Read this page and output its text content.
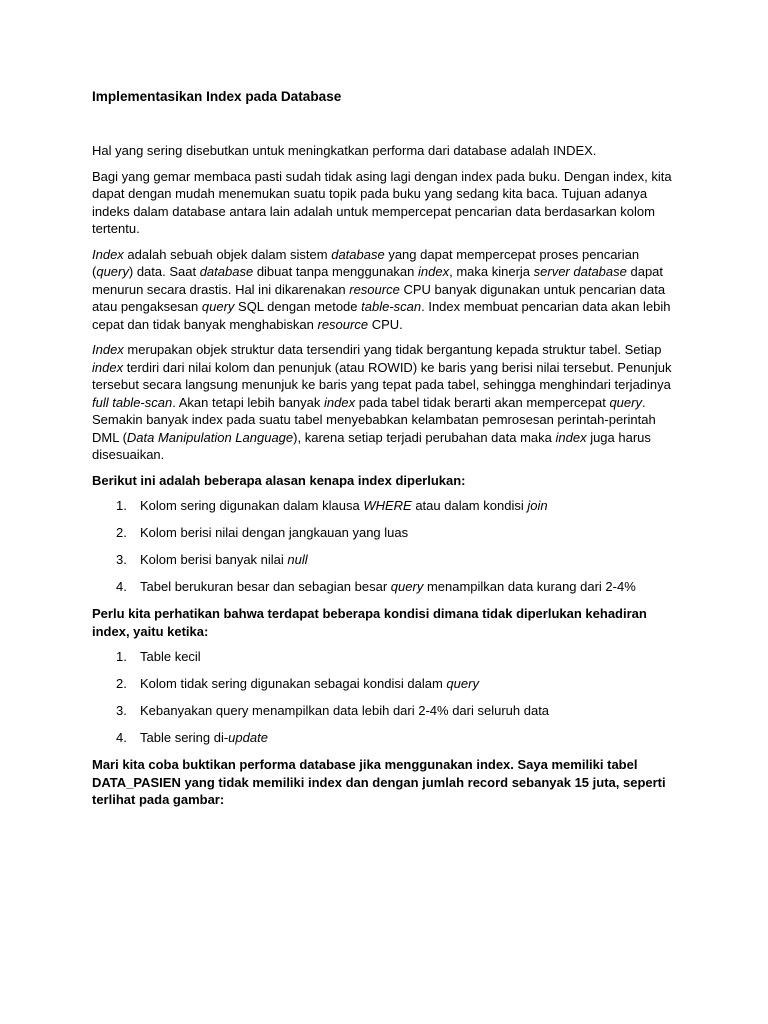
Implementasikan Index pada Database

Hal yang sering disebutkan untuk meningkatkan performa dari database adalah INDEX.

Bagi yang gemar membaca pasti sudah tidak asing lagi dengan index pada buku. Dengan index, kita dapat dengan mudah menemukan suatu topik pada buku yang sedang kita baca. Tujuan adanya indeks dalam database antara lain adalah untuk mempercepat pencarian data berdasarkan kolom tertentu.

Index adalah sebuah objek dalam sistem database yang dapat mempercepat proses pencarian (query) data. Saat database dibuat tanpa menggunakan index, maka kinerja server database dapat menurun secara drastis. Hal ini dikarenakan resource CPU banyak digunakan untuk pencarian data atau pengaksesan query SQL dengan metode table-scan. Index membuat pencarian data akan lebih cepat dan tidak banyak menghabiskan resource CPU.

Index merupakan objek struktur data tersendiri yang tidak bergantung kepada struktur tabel. Setiap index terdiri dari nilai kolom dan penunjuk (atau ROWID) ke baris yang berisi nilai tersebut. Penunjuk tersebut secara langsung menunjuk ke baris yang tepat pada tabel, sehingga menghindari terjadinya full table-scan. Akan tetapi lebih banyak index pada tabel tidak berarti akan mempercepat query. Semakin banyak index pada suatu tabel menyebabkan kelambatan pemrosesan perintah-perintah DML (Data Manipulation Language), karena setiap terjadi perubahan data maka index juga harus disesuaikan.

Berikut ini adalah beberapa alasan kenapa index diperlukan:

1.	Kolom sering digunakan dalam klausa WHERE atau dalam kondisi join
2.	Kolom berisi nilai dengan jangkauan yang luas
3.	Kolom berisi banyak nilai null
4.	Tabel berukuran besar dan sebagian besar query menampilkan data kurang dari 2-4%

Perlu kita perhatikan bahwa terdapat beberapa kondisi dimana tidak diperlukan kehadiran index, yaitu ketika:

1.	Table kecil
2.	Kolom tidak sering digunakan sebagai kondisi dalam query
3.	Kebanyakan query menampilkan data lebih dari 2-4% dari seluruh data
4.	Table sering di-update

Mari kita coba buktikan performa database jika menggunakan index. Saya memiliki tabel
DATA_PASIEN yang tidak memiliki index dan dengan jumlah record sebanyak 15 juta, seperti terlihat pada gambar:
